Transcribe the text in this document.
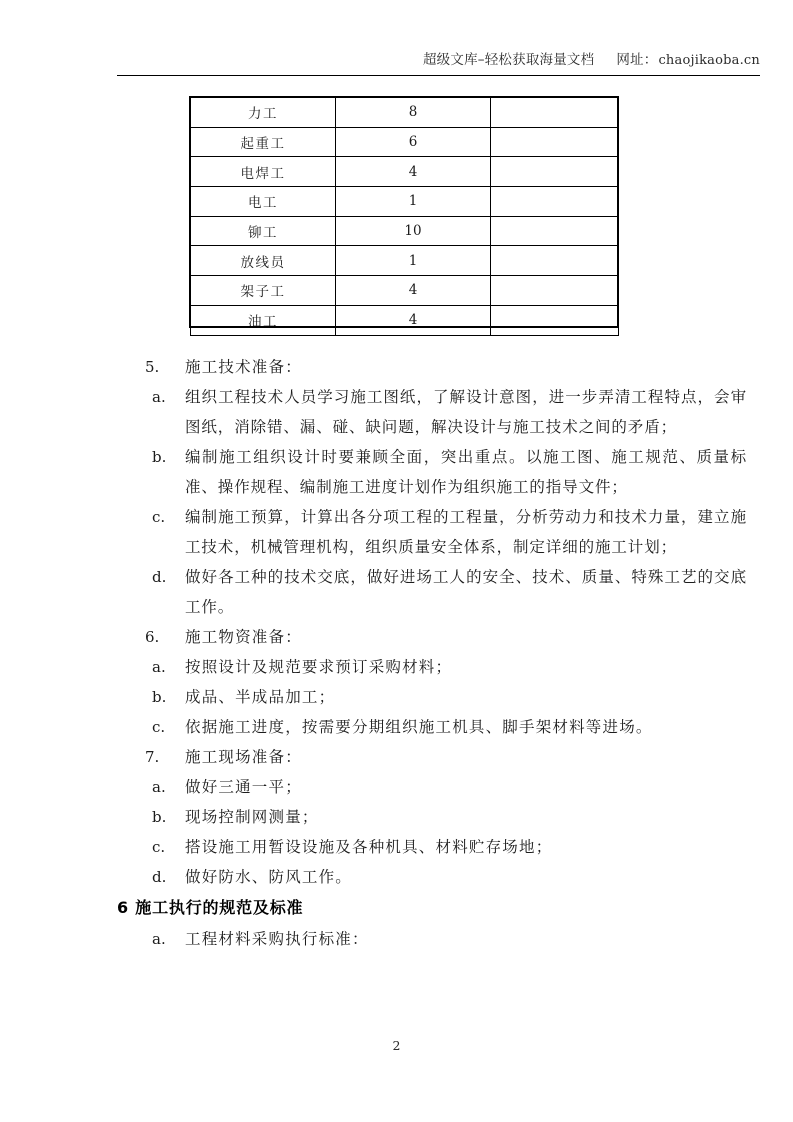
超级文库–轻松获取海量文档 网址： chaojikaoba.cn
力工	8	
起重工	6	
电焊工	4	
电工	1	
铆工	10	
放线员	1	
架子工	4	
油工	4	
5.	施工技术准备：
a.	组织工程技术人员学习施工图纸，了解设计意图，进一步弄清工程特点，会审图纸，消除错、漏、碰、缺问题，解决设计与施工技术之间的矛盾；
b.	编制施工组织设计时要兼顾全面，突出重点。以施工图、施工规范、质量标准、操作规程、编制施工进度计划作为组织施工的指导文件；
c.	编制施工预算，计算出各分项工程的工程量，分析劳动力和技术力量，建立施工技术，机械管理机构，组织质量安全体系，制定详细的施工计划；
d.	做好各工种的技术交底，做好进场工人的安全、技术、质量、特殊工艺的交底工作。
6.	施工物资准备：
a.	按照设计及规范要求预订采购材料；
b.	成品、半成品加工；
c.	依据施工进度，按需要分期组织施工机具、脚手架材料等进场。
7.	施工现场准备：
a.	做好三通一平；
b.	现场控制网测量；
c.	搭设施工用暂设设施及各种机具、材料贮存场地；
d.	做好防水、防风工作。
6 施工执行的规范及标准
a.	工程材料采购执行标准：
2
